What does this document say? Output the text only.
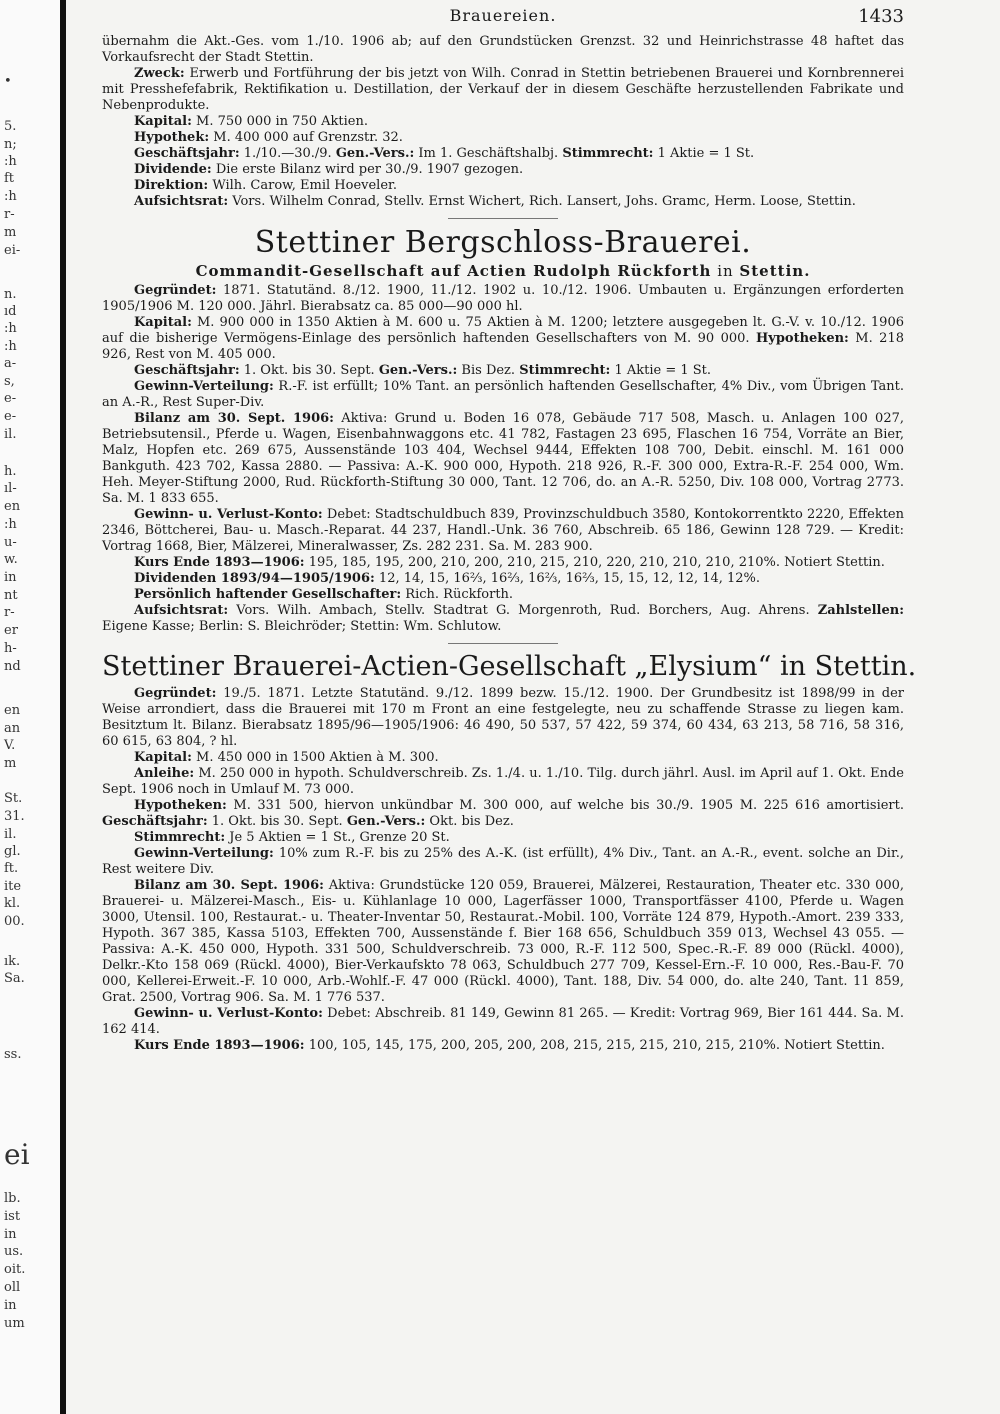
•
5.
n;
:h
ft
:h
r-
m
ei-
n.
ıd
:h
:h
a-
s,
e-
e-
il.
h.
ıl-
en
:h
u-
w.
in
nt
r-
er
h-
nd
en
an
V.
m
St.
31.
il.
gl.
ft.
ite
kl.
00.
ık.
Sa.
ss.
ei
lb.
ist
in
us.
oit.
oll
in
um
Brauereien.	1433

übernahm die Akt.-Ges. vom 1./10. 1906 ab; auf den Grundstücken Grenzst. 32 und Heinrichstrasse 48 haftet das Vorkaufsrecht der Stadt Stettin.

Zweck: Erwerb und Fortführung der bis jetzt von Wilh. Conrad in Stettin betriebenen Brauerei und Kornbrennerei mit Presshefefabrik, Rektifikation u. Destillation, der Verkauf der in diesem Geschäfte herzustellenden Fabrikate und Nebenprodukte.

Kapital: M. 750 000 in 750 Aktien.

Hypothek: M. 400 000 auf Grenzstr. 32.

Geschäftsjahr: 1./10.—30./9. Gen.-Vers.: Im 1. Geschäftshalbj. Stimmrecht: 1 Aktie = 1 St.

Dividende: Die erste Bilanz wird per 30./9. 1907 gezogen.

Direktion: Wilh. Carow, Emil Hoeveler.

Aufsichtsrat: Vors. Wilhelm Conrad, Stellv. Ernst Wichert, Rich. Lansert, Johs. Gramc, Herm. Loose, Stettin.

Stettiner Bergschloss-Brauerei.
Commandit-Gesellschaft auf Actien Rudolph Rückforth in Stettin.

Gegründet: 1871. Statutänd. 8./12. 1900, 11./12. 1902 u. 10./12. 1906. Umbauten u. Ergänzungen erforderten 1905/1906 M. 120 000. Jährl. Bierabsatz ca. 85 000—90 000 hl.

Kapital: M. 900 000 in 1350 Aktien à M. 600 u. 75 Aktien à M. 1200; letztere ausgegeben lt. G.-V. v. 10./12. 1906 auf die bisherige Vermögens-Einlage des persönlich haftenden Gesellschafters von M. 90 000. Hypotheken: M. 218 926, Rest von M. 405 000.

Geschäftsjahr: 1. Okt. bis 30. Sept. Gen.-Vers.: Bis Dez. Stimmrecht: 1 Aktie = 1 St.

Gewinn-Verteilung: R.-F. ist erfüllt; 10% Tant. an persönlich haftenden Gesellschafter, 4% Div., vom Übrigen Tant. an A.-R., Rest Super-Div.

Bilanz am 30. Sept. 1906: Aktiva: Grund u. Boden 16 078, Gebäude 717 508, Masch. u. Anlagen 100 027, Betriebsutensil., Pferde u. Wagen, Eisenbahnwaggons etc. 41 782, Fastagen 23 695, Flaschen 16 754, Vorräte an Bier, Malz, Hopfen etc. 269 675, Aussenstände 103 404, Wechsel 9444, Effekten 108 700, Debit. einschl. M. 161 000 Bankguth. 423 702, Kassa 2880. — Passiva: A.-K. 900 000, Hypoth. 218 926, R.-F. 300 000, Extra-R.-F. 254 000, Wm. Heh. Meyer-Stiftung 2000, Rud. Rückforth-Stiftung 30 000, Tant. 12 706, do. an A.-R. 5250, Div. 108 000, Vortrag 2773. Sa. M. 1 833 655.

Gewinn- u. Verlust-Konto: Debet: Stadtschuldbuch 839, Provinzschuldbuch 3580, Kontokorrentkto 2220, Effekten 2346, Böttcherei, Bau- u. Masch.-Reparat. 44 237, Handl.-Unk. 36 760, Abschreib. 65 186, Gewinn 128 729. — Kredit: Vortrag 1668, Bier, Mälzerei, Mineralwasser, Zs. 282 231. Sa. M. 283 900.

Kurs Ende 1893—1906: 195, 185, 195, 200, 210, 200, 210, 215, 210, 220, 210, 210, 210, 210%. Notiert Stettin.

Dividenden 1893/94—1905/1906: 12, 14, 15, 16⅔, 16⅔, 16⅔, 16⅔, 15, 15, 12, 12, 14, 12%.

Persönlich haftender Gesellschafter: Rich. Rückforth.

Aufsichtsrat: Vors. Wilh. Ambach, Stellv. Stadtrat G. Morgenroth, Rud. Borchers, Aug. Ahrens. Zahlstellen: Eigene Kasse; Berlin: S. Bleichröder; Stettin: Wm. Schlutow.

Stettiner Brauerei-Actien-Gesellschaft „Elysium“ in Stettin.

Gegründet: 19./5. 1871. Letzte Statutänd. 9./12. 1899 bezw. 15./12. 1900. Der Grundbesitz ist 1898/99 in der Weise arrondiert, dass die Brauerei mit 170 m Front an eine festgelegte, neu zu schaffende Strasse zu liegen kam. Besitztum lt. Bilanz. Bierabsatz 1895/96—1905/1906: 46 490, 50 537, 57 422, 59 374, 60 434, 63 213, 58 716, 58 316, 60 615, 63 804, ? hl.

Kapital: M. 450 000 in 1500 Aktien à M. 300.

Anleihe: M. 250 000 in hypoth. Schuldverschreib. Zs. 1./4. u. 1./10. Tilg. durch jährl. Ausl. im April auf 1. Okt. Ende Sept. 1906 noch in Umlauf M. 73 000.

Hypotheken: M. 331 500, hiervon unkündbar M. 300 000, auf welche bis 30./9. 1905 M. 225 616 amortisiert. Geschäftsjahr: 1. Okt. bis 30. Sept. Gen.-Vers.: Okt. bis Dez.

Stimmrecht: Je 5 Aktien = 1 St., Grenze 20 St.

Gewinn-Verteilung: 10% zum R.-F. bis zu 25% des A.-K. (ist erfüllt), 4% Div., Tant. an A.-R., event. solche an Dir., Rest weitere Div.

Bilanz am 30. Sept. 1906: Aktiva: Grundstücke 120 059, Brauerei, Mälzerei, Restauration, Theater etc. 330 000, Brauerei- u. Mälzerei-Masch., Eis- u. Kühlanlage 10 000, Lagerfässer 1000, Transportfässer 4100, Pferde u. Wagen 3000, Utensil. 100, Restaurat.- u. Theater-Inventar 50, Restaurat.-Mobil. 100, Vorräte 124 879, Hypoth.-Amort. 239 333, Hypoth. 367 385, Kassa 5103, Effekten 700, Aussenstände f. Bier 168 656, Schuldbuch 359 013, Wechsel 43 055. — Passiva: A.-K. 450 000, Hypoth. 331 500, Schuldverschreib. 73 000, R.-F. 112 500, Spec.-R.-F. 89 000 (Rückl. 4000), Delkr.-Kto 158 069 (Rückl. 4000), Bier-Verkaufskto 78 063, Schuldbuch 277 709, Kessel-Ern.-F. 10 000, Res.-Bau-F. 70 000, Kellerei-Erweit.-F. 10 000, Arb.-Wohlf.-F. 47 000 (Rückl. 4000), Tant. 188, Div. 54 000, do. alte 240, Tant. 11 859, Grat. 2500, Vortrag 906. Sa. M. 1 776 537.

Gewinn- u. Verlust-Konto: Debet: Abschreib. 81 149, Gewinn 81 265. — Kredit: Vortrag 969, Bier 161 444. Sa. M. 162 414.

Kurs Ende 1893—1906: 100, 105, 145, 175, 200, 205, 200, 208, 215, 215, 215, 210, 215, 210%. Notiert Stettin.
